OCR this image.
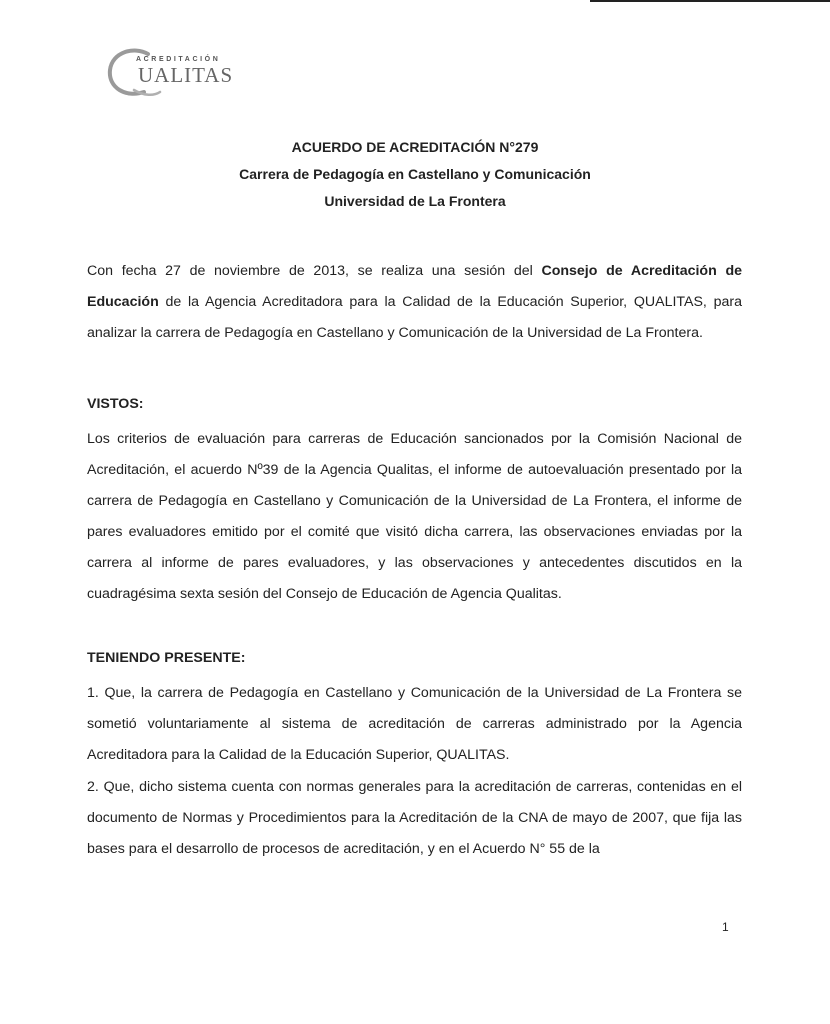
ACREDITACIÓN
UALITAS
ACUERDO DE ACREDITACIÓN N°279
Carrera de Pedagogía en Castellano y Comunicación
Universidad de La Frontera

Con fecha 27 de noviembre de 2013, se realiza una sesión del Consejo de Acreditación de Educación de la Agencia Acreditadora para la Calidad de la Educación Superior, QUALITAS, para analizar la carrera de Pedagogía en Castellano y Comunicación de la Universidad de La Frontera.

VISTOS:

Los criterios de evaluación para carreras de Educación sancionados por la Comisión Nacional de Acreditación, el acuerdo Nº39 de la Agencia Qualitas, el informe de autoevaluación presentado por la carrera de Pedagogía en Castellano y Comunicación de la Universidad de La Frontera, el informe de pares evaluadores emitido por el comité que visitó dicha carrera, las observaciones enviadas por la carrera al informe de pares evaluadores, y las observaciones y antecedentes discutidos en la cuadragésima sexta sesión del Consejo de Educación de Agencia Qualitas.

TENIENDO PRESENTE:

1. Que, la carrera de Pedagogía en Castellano y Comunicación de la Universidad de La Frontera se sometió voluntariamente al sistema de acreditación de carreras administrado por la Agencia Acreditadora para la Calidad de la Educación Superior, QUALITAS.

2. Que, dicho sistema cuenta con normas generales para la acreditación de carreras, contenidas en el documento de Normas y Procedimientos para la Acreditación de la CNA de mayo de 2007, que fija las bases para el desarrollo de procesos de acreditación, y en el Acuerdo N° 55 de la

1
